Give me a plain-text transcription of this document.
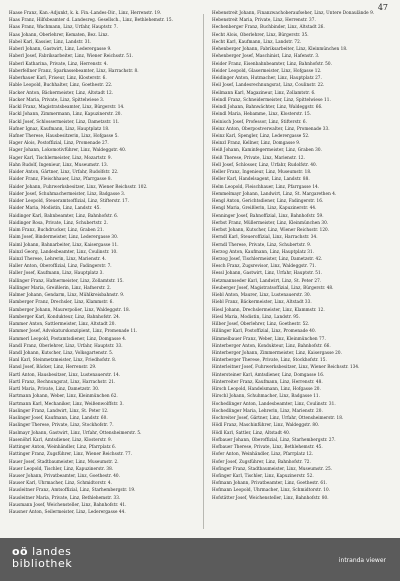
47
Haase Franz, Kan.-Adjunkt, k. k. Fin.-Landes-Dir., Linz, Herrenstr. 19.
Haas Franz, Hilfsbeamter d. Landesreg. Gesellsch., Linz, Bethlehemstr. 15.
Haas Franz, Wachmann, Linz, Urfahr, Hauptstr. 7.
Haas Johann, Oberlehrer, Kematen, Bez. Linz.
Habel Karl, Kassier, Linz, Landstr. 31.
Haberl Johann, Gastwirt, Linz, Lederergasse 9.
Haberl Josef, Fabriksarbeiter, Linz, Wiener Reichsstr. 51.
Haberl Katharina, Private, Linz, Herrenstr. 4.
Haberfellner Franz, Sparkassebeamter, Linz, Harrachstr. 8.
Haberhauer Karl, Friseur, Linz, Klosterstr. 6.
Hable Leopold, Buchhalter, Linz, Goethestr. 22.
Hacker Anton, Bäckermeister, Linz, Altstadt 12.
Hacker Maria, Private, Linz, Spittelwiese 3.
Hackl Franz, Magistratsbeamter, Linz, Bürgerstr. 14.
Hackl Johann, Zimmermann, Linz, Kapuzinerstr. 20.
Hackl Josef, Schlossermeister, Linz, Dametzstr. 11.
Hafner Ignaz, Kaufmann, Linz, Hauptplatz 18.
Hafner Therese, Hausbesitzerin, Linz, Hofgasse 5.
Hager Alois, Postoffizial, Linz, Promenade 27.
Hager Johann, Lokomotivführer, Linz, Waldeggstr. 40.
Hager Karl, Tischlermeister, Linz, Mozartstr. 9.
Hahn Rudolf, Ingenieur, Linz, Museumstr. 13.
Haider Anton, Gärtner, Linz, Urfahr, Rudolfstr. 22.
Haider Franz, Fleischhauer, Linz, Pfarrgasse 8.
Haider Johann, Fuhrwerksbesitzer, Linz, Wiener Reichsstr. 102.
Haider Josef, Schuhmachermeister, Linz, Badgasse 3.
Haider Leopold, Steueramtsoffizial, Linz, Stifterstr. 17.
Haider Maria, Modistin, Linz, Landstr. 45.
Haidinger Karl, Bahnbeamter, Linz, Bahnhofstr. 6.
Haidinger Rosa, Private, Linz, Schubertstr. 2.
Haim Franz, Buchdrucker, Linz, Graben 21.
Haim Josef, Bindermeister, Linz, Lederergasse 30.
Haiml Johann, Bahnarbeiter, Linz, Kaisergasse 11.
Hainzl Georg, Landesbeamter, Linz, Coulinstr. 10.
Hainzl Therese, Lehrerin, Linz, Marienstr. 4.
Haller Anton, Oberoffizial, Linz, Fadingerstr. 7.
Haller Josef, Kaufmann, Linz, Hauptplatz 3.
Hallinger Franz, Hafnermeister, Linz, Zollamtstr. 15.
Hallinger Maria, Greißlerin, Linz, Hafnerstr. 2.
Halmer Johann, Gendarm, Linz, Mühlkreisbahnstr. 9.
Hamberger Franz, Drechsler, Linz, Klammstr. 6.
Hamberger Johann, Maurerpolier, Linz, Waldeggstr. 18.
Hamberger Karl, Kondukteur, Linz, Bahnhofstr. 24.
Hammer Anton, Sattlermeister, Linz, Altstadt 20.
Hammer Josef, Advokaturskonzipient, Linz, Promenade 11.
Hammerl Leopold, Postamtsdiener, Linz, Domgasse 4.
Handl Franz, Oberlehrer, Linz, Urfahr, Hauptstr. 33.
Handl Johann, Kutscher, Linz, Volksgartenstr. 5.
Hanl Karl, Steinmetzmeister, Linz, Friedhofstr. 8.
Hansl Josef, Bäcker, Linz, Herrenstr. 29.
Hartl Anton, Hausbesitzer, Linz, Lustenauerstr. 14.
Hartl Franz, Rechnungsrat, Linz, Harrachstr. 21.
Hartl Maria, Private, Linz, Dametzstr. 30.
Hartmann Johann, Weber, Linz, Kleinmünchen 62.
Hartmann Karl, Mechaniker, Linz, Weißenwolffstr. 3.
Haslinger Franz, Landwirt, Linz, St. Peter 12.
Haslinger Josef, Kaufmann, Linz, Landstr. 60.
Haslinger Therese, Private, Linz, Stockhofstr. 7.
Haslmayr Johann, Gastwirt, Linz, Urfahr, Ottensheimerstr. 5.
Hasenöhrl Karl, Amtsdiener, Linz, Klosterstr. 9.
Hattinger Anton, Weinhändler, Linz, Pfarrplatz 6.
Hattinger Franz, Zugsführer, Linz, Wiener Reichsstr. 77.
Hauer Josef, Stadtbaumeister, Linz, Museumstr. 2.
Hauer Leopold, Tischler, Linz, Kapuzinerstr. 38.
Hauser Johann, Privatbeamter, Linz, Goethestr. 40.
Hauser Karl, Uhrmacher, Linz, Schmidtorstr. 4.
Hausleitner Franz, Amtsoffizial, Linz, Starhembergstr. 19.
Hausleitner Maria, Private, Linz, Bethlehemstr. 33.
Hausmann Josef, Weichensteller, Linz, Bahnhofstr. 41.
Hausner Anton, Seilermeister, Linz, Lederergasse 44.
Hebenstreit Johann, Finanzwachoberaufseher, Linz, Untere Donaulände 9.
Hebenstreit Maria, Private, Linz, Herrenstr. 37.
Hechenberger Franz, Buchbinder, Linz, Altstadt 26.
Hecht Alois, Oberlehrer, Linz, Bürgerstr. 35.
Hecht Karl, Kaufmann, Linz, Landstr. 72.
Hehenberger Johann, Fabriksarbeiter, Linz, Kleinmünchen 18.
Hehenberger Josef, Maschinist, Linz, Hafenstr. 3.
Heider Franz, Eisenbahnbeamter, Linz, Bahnhofstr. 50.
Heider Leopold, Glasermeister, Linz, Hofgasse 12.
Heidinger Anton, Hutmacher, Linz, Hauptplatz 27.
Heil Josef, Landesrechnungsrat, Linz, Coulinstr. 22.
Heilmann Karl, Magazineur, Linz, Zollamtstr. 6.
Heindl Franz, Schneidermeister, Linz, Spittelwiese 11.
Heindl Johann, Bahnwächter, Linz, Waldeggstr. 66.
Heindl Maria, Hebamme, Linz, Klosterstr. 15.
Heinisch Josef, Professor, Linz, Stifterstr. 6.
Heinz Anton, Oberpostverwalter, Linz, Promenade 33.
Heinz Karl, Spengler, Linz, Lederergasse 52.
Heinzl Franz, Kellner, Linz, Domgasse 9.
Heiß Johann, Kaminfegermeister, Linz, Graben 30.
Heiß Therese, Private, Linz, Marienstr. 12.
Hell Josef, Schlosser, Linz, Urfahr, Rudolfstr. 40.
Heller Franz, Ingenieur, Linz, Museumstr. 18.
Heller Karl, Handelsagent, Linz, Landstr. 88.
Helm Leopold, Fleischhauer, Linz, Pfarrgasse 14.
Hemmelmayr Johann, Landwirt, Linz, St. Margarethen 4.
Hengl Anton, Gerichtsdiener, Linz, Fadingerstr. 16.
Hengl Maria, Greißlerin, Linz, Kapuzinerstr. 44.
Henninger Josef, Bahnoffizial, Linz, Bahnhofstr. 59.
Herbst Franz, Müllermeister, Linz, Kleinmünchen 30.
Herbst Johann, Kutscher, Linz, Wiener Reichsstr. 120.
Herndl Karl, Steueroffizial, Linz, Harrachstr. 34.
Herndl Therese, Private, Linz, Schubertstr. 9.
Herzog Anton, Kaufmann, Linz, Hauptplatz 31.
Herzog Josef, Tischlermeister, Linz, Dametzstr. 42.
Hesch Franz, Zugsrevisor, Linz, Waldeggstr. 71.
Hessl Johann, Gastwirt, Linz, Urfahr, Hauptstr. 51.
Hetzmannseder Karl, Landwirt, Linz, St. Peter 27.
Heuberger Josef, Magistratsoffizial, Linz, Bürgerstr. 48.
Hiebl Anton, Maurer, Linz, Lustenauerstr. 30.
Hiebl Franz, Bäckermeister, Linz, Altstadt 33.
Hiesl Johann, Drechslermeister, Linz, Klammstr. 12.
Hiesl Maria, Modistin, Linz, Landstr. 95.
Hilber Josef, Oberlehrer, Linz, Goethestr. 52.
Hillinger Karl, Postoffizial, Linz, Promenade 40.
Himmelbauer Franz, Weber, Linz, Kleinmünchen 77.
Hinterberger Anton, Kondukteur, Linz, Bahnhofstr. 66.
Hinterberger Johann, Zimmermeister, Linz, Kaisergasse 20.
Hinterberger Therese, Private, Linz, Stockhofstr. 15.
Hinterleitner Josef, Fuhrwerksbesitzer, Linz, Wiener Reichsstr. 134.
Hintersteiner Karl, Amtsdiener, Linz, Domgasse 16.
Hinterreiter Franz, Kaufmann, Linz, Herrenstr. 48.
Hirsch Leopold, Handelsmann, Linz, Hofgasse 20.
Hirschl Johann, Schuhmacher, Linz, Badgasse 11.
Hochedlinger Anton, Landesbeamter, Linz, Coulinstr. 31.
Hochedlinger Maria, Lehrerin, Linz, Marienstr. 20.
Hochreiter Josef, Gärtner, Linz, Urfahr, Ottensheimerstr. 18.
Hödl Franz, Maschinführer, Linz, Waldeggstr. 80.
Hödl Karl, Sattler, Linz, Altstadt 40.
Hofbauer Johann, Oberoffizial, Linz, Starhembergstr. 27.
Hofbauer Therese, Private, Linz, Bethlehemstr. 45.
Hofer Anton, Weinhändler, Linz, Pfarrplatz 12.
Hofer Josef, Zugsführer, Linz, Bahnhofstr. 72.
Hofinger Franz, Stadtbaumeister, Linz, Museumstr. 25.
Hofinger Karl, Tischler, Linz, Kapuzinerstr. 52.
Hofmann Johann, Privatbeamter, Linz, Goethestr. 61.
Hofmann Leopold, Uhrmacher, Linz, Schmidtorstr. 10.
Hofstätter Josef, Weichensteller, Linz, Bahnhofstr. 80.
oö landes
bibliothek	intranda viewer
